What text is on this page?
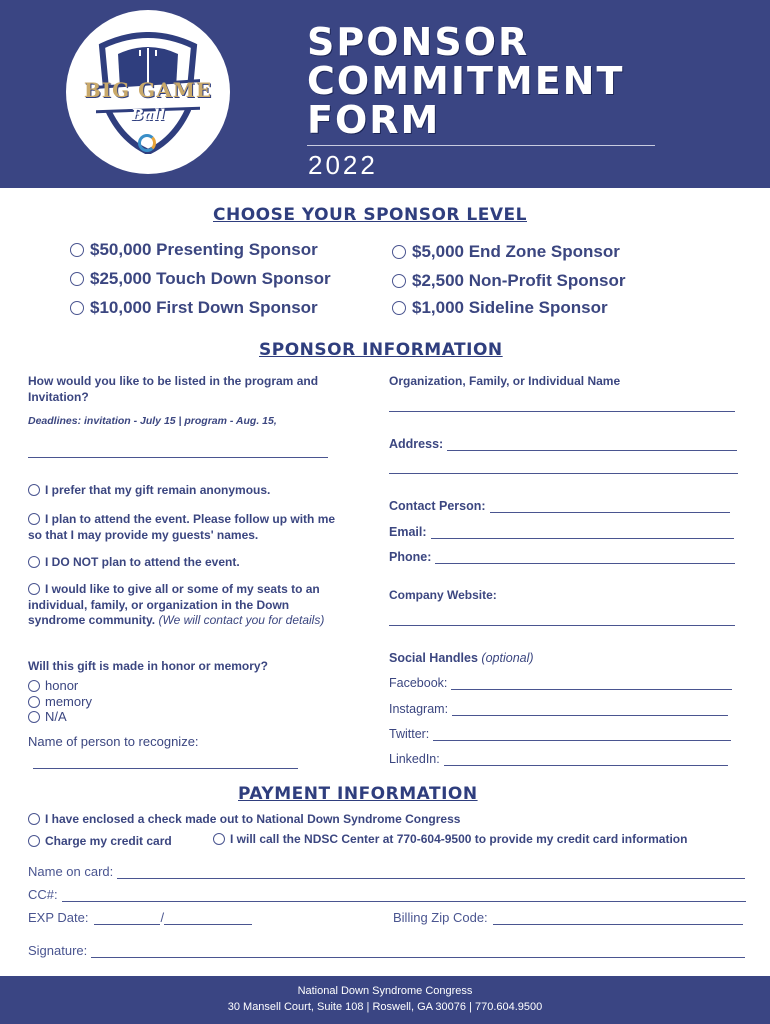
BIG GAME
Ball
SPONSOR
COMMITMENT
FORM
2022
CHOOSE YOUR SPONSOR LEVEL
$50,000 Presenting Sponsor
$25,000 Touch Down Sponsor
$10,000 First Down Sponsor
$5,000 End Zone Sponsor
$2,500 Non-Profit Sponsor
$1,000 Sideline Sponsor
SPONSOR INFORMATION
How would you like to be listed in the program and Invitation?
Deadlines: invitation - July 15 | program - Aug. 15,
I prefer that my gift remain anonymous.
I plan to attend the event. Please follow up with me so that I may provide my guests' names.
I DO NOT plan to attend the event.
I would like to give all or some of my seats to an individual, family, or organization in the Down syndrome community. (We will contact you for details)
Will this gift is made in honor or memory?
honor
memory
N/A
Name of person to recognize:
Organization, Family, or Individual Name
Address:
Contact Person:
Email:
Phone:
Company Website:
Social Handles (optional)
Facebook:
Instagram:
Twitter:
LinkedIn:
PAYMENT INFORMATION
I have enclosed a check made out to National Down Syndrome Congress
Charge my credit card	I will call the NDSC Center at 770-604-9500 to provide my credit card information
Name on card:
CC#:
EXP Date:	/	Billing Zip Code:
Signature:
National Down Syndrome Congress
30 Mansell Court, Suite 108 | Roswell, GA 30076 | 770.604.9500
